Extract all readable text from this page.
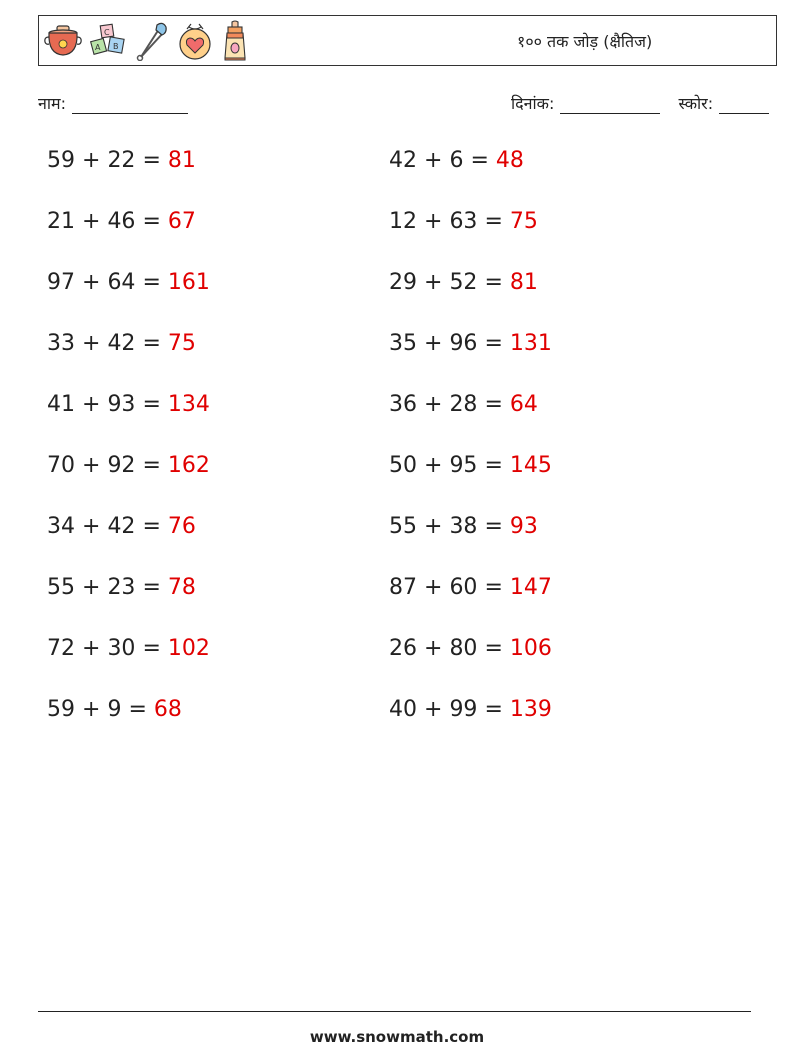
C
A B	१०० तक जोड़ (क्षैतिज)
नाम:	दिनांक:	स्कोर:
59 + 22 = 81
21 + 46 = 67
97 + 64 = 161
33 + 42 = 75
41 + 93 = 134
70 + 92 = 162
34 + 42 = 76
55 + 23 = 78
72 + 30 = 102
59 + 9 = 68
42 + 6 = 48
12 + 63 = 75
29 + 52 = 81
35 + 96 = 131
36 + 28 = 64
50 + 95 = 145
55 + 38 = 93
87 + 60 = 147
26 + 80 = 106
40 + 99 = 139
www.snowmath.com
